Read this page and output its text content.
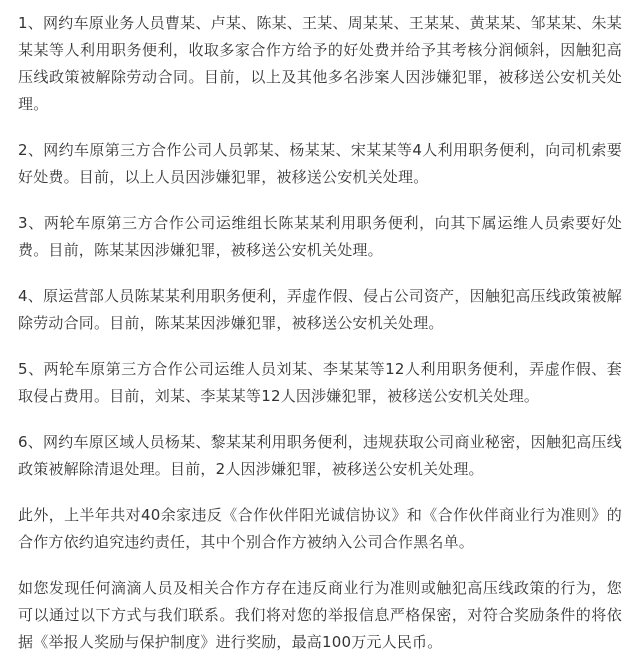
1、网约车原业务人员曹某、卢某、陈某、王某、周某某、王某某、黄某某、邹某某、朱某某某等人利用职务便利，收取多家合作方给予的好处费并给予其考核分润倾斜，因触犯高压线政策被解除劳动合同。目前，以上及其他多名涉案人因涉嫌犯罪，被移送公安机关处理。

2、网约车原第三方合作公司人员郭某、杨某某、宋某某等4人利用职务便利，向司机索要好处费。目前，以上人员因涉嫌犯罪，被移送公安机关处理。

3、两轮车原第三方合作公司运维组长陈某某利用职务便利，向其下属运维人员索要好处费。目前，陈某某因涉嫌犯罪，被移送公安机关处理。

4、原运营部人员陈某某利用职务便利，弄虚作假、侵占公司资产，因触犯高压线政策被解除劳动合同。目前，陈某某因涉嫌犯罪，被移送公安机关处理。

5、两轮车原第三方合作公司运维人员刘某、李某某等12人利用职务便利，弄虚作假、套取侵占费用。目前，刘某、李某某等12人因涉嫌犯罪，被移送公安机关处理。

6、网约车原区域人员杨某、黎某某利用职务便利，违规获取公司商业秘密，因触犯高压线政策被解除清退处理。目前，2人因涉嫌犯罪，被移送公安机关处理。

此外，上半年共对40余家违反《合作伙伴阳光诚信协议》和《合作伙伴商业行为准则》的合作方依约追究违约责任，其中个别合作方被纳入公司合作黑名单。

如您发现任何滴滴人员及相关合作方存在违反商业行为准则或触犯高压线政策的行为，您可以通过以下方式与我们联系。我们将对您的举报信息严格保密，对符合奖励条件的将依据《举报人奖励与保护制度》进行奖励，最高100万元人民币。
